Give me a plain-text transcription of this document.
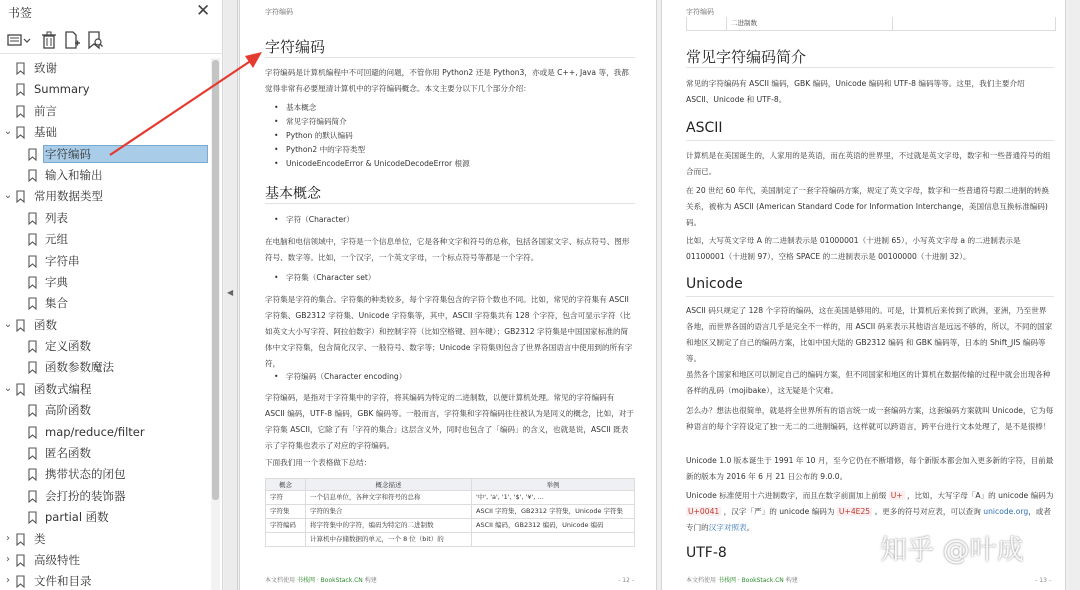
书签	✕
致谢
Summary
前言
⌄ 基础
字符编码
输入和输出
⌄ 常用数据类型
列表
元组
字符串
字典
集合
⌄ 函数
定义函数
函数参数魔法
⌄ 函数式编程
高阶函数
map/reduce/filter
匿名函数
携带状态的闭包
会打扮的装饰器
partial 函数
› 类
› 高级特性
› 文件和目录
◀
字符编码
字符编码
字符编码是计算机编程中不可回避的问题，不管你用 Python2 还是 Python3，亦或是 C++, Java 等，我都觉得非常有必要厘清计算机中的字符编码概念。本文主要分以下几个部分介绍：
• 基本概念
• 常见字符编码简介
• Python 的默认编码
• Python2 中的字符类型
• UnicodeEncodeError & UnicodeDecodeError 根源
基本概念
• 字符（Character）
在电脑和电信领域中，字符是一个信息单位，它是各种文字和符号的总称，包括各国家文字、标点符号、图形符号、数字等。比如，一个汉字，一个英文字母，一个标点符号等都是一个字符。
• 字符集（Character set）
字符集是字符的集合。字符集的种类较多，每个字符集包含的字符个数也不同。比如，常见的字符集有 ASCII 字符集、GB2312 字符集、Unicode 字符集等，其中，ASCII 字符集共有 128 个字符，包含可显示字符（比如英文大小写字符、阿拉伯数字）和控制字符（比如空格键、回车键）；GB2312 字符集是中国国家标准的简体中文字符集，包含简化汉字、一般符号、数字等；Unicode 字符集则包含了世界各国语言中使用到的所有字符，
• 字符编码（Character encoding）
字符编码，是指对于字符集中的字符，将其编码为特定的二进制数，以便计算机处理。常见的字符编码有 ASCII 编码，UTF-8 编码，GBK 编码等。一般而言，字符集和字符编码往往被认为是同义的概念，比如，对于字符集 ASCII，它除了有「字符的集合」这层含义外，同时也包含了「编码」的含义，也就是说，ASCII 既表示了字符集也表示了对应的字符编码。
下面我们用一个表格做下总结：
概念	概念描述	举例
字符	一个信息单位，各种文字和符号的总称	'中', 'a', '1', '$', '¥', …
字符集	字符的集合	ASCII 字符集，GB2312 字符集，Unicode 字符集
字符编码	将字符集中的字符，编码为特定的二进制数	ASCII 编码，GB2312 编码，Unicode 编码
	计算机中存储数据的单元，一个 8 位（bit）的	
本文档使用 书栈网 · BookStack.CN 构建	- 12 -
字符编码
	二进制数	
常见字符编码简介
常见的字符编码有 ASCII 编码，GBK 编码，Unicode 编码和 UTF-8 编码等等。这里，我们主要介绍 ASCII、Unicode 和 UTF-8。
ASCII
计算机是在美国诞生的，人家用的是英语，而在英语的世界里，不过就是英文字母，数字和一些普通符号的组合而已。
在 20 世纪 60 年代，美国制定了一套字符编码方案，规定了英文字母，数字和一些普通符号跟二进制的转换关系，被称为 ASCII (American Standard Code for Information Interchange，美国信息互换标准编码) 码。
比如，大写英文字母 A 的二进制表示是 01000001（十进制 65），小写英文字母 a 的二进制表示是 01100001（十进制 97），空格 SPACE 的二进制表示是 00100000（十进制 32）。
Unicode
ASCII 码只规定了 128 个字符的编码，这在美国是够用的。可是，计算机后来传到了欧洲，亚洲，乃至世界各地，而世界各国的语言几乎是完全不一样的，用 ASCII 码来表示其他语言是远远不够的，所以，不同的国家和地区又制定了自己的编码方案，比如中国大陆的 GB2312 编码 和 GBK 编码等，日本的 Shift_JIS 编码等等。
虽然各个国家和地区可以制定自己的编码方案，但不同国家和地区的计算机在数据传输的过程中就会出现各种各样的乱码（mojibake），这无疑是个灾难。
怎么办？想法也很简单，就是将全世界所有的语言统一成一套编码方案，这套编码方案就叫 Unicode，它为每种语言的每个字符设定了独一无二的二进制编码，这样就可以跨语言，跨平台进行文本处理了，是不是很棒！
Unicode 1.0 版本诞生于 1991 年 10 月，至今它仍在不断增修，每个新版本都会加入更多新的字符，目前最新的版本为 2016 年 6 月 21 日公布的 9.0.0。
Unicode 标准使用十六进制数字，而且在数字前面加上前缀 U+ ，比如，大写字母「A」的 unicode 编码为 U+0041 ，汉字「严」的 unicode 编码为 U+4E25 。更多的符号对应表，可以查询 unicode.org，或者专门的汉字对照表。
UTF-8
本文档使用 书栈网 · BookStack.CN 构建	- 13 -
知乎 @叶成
